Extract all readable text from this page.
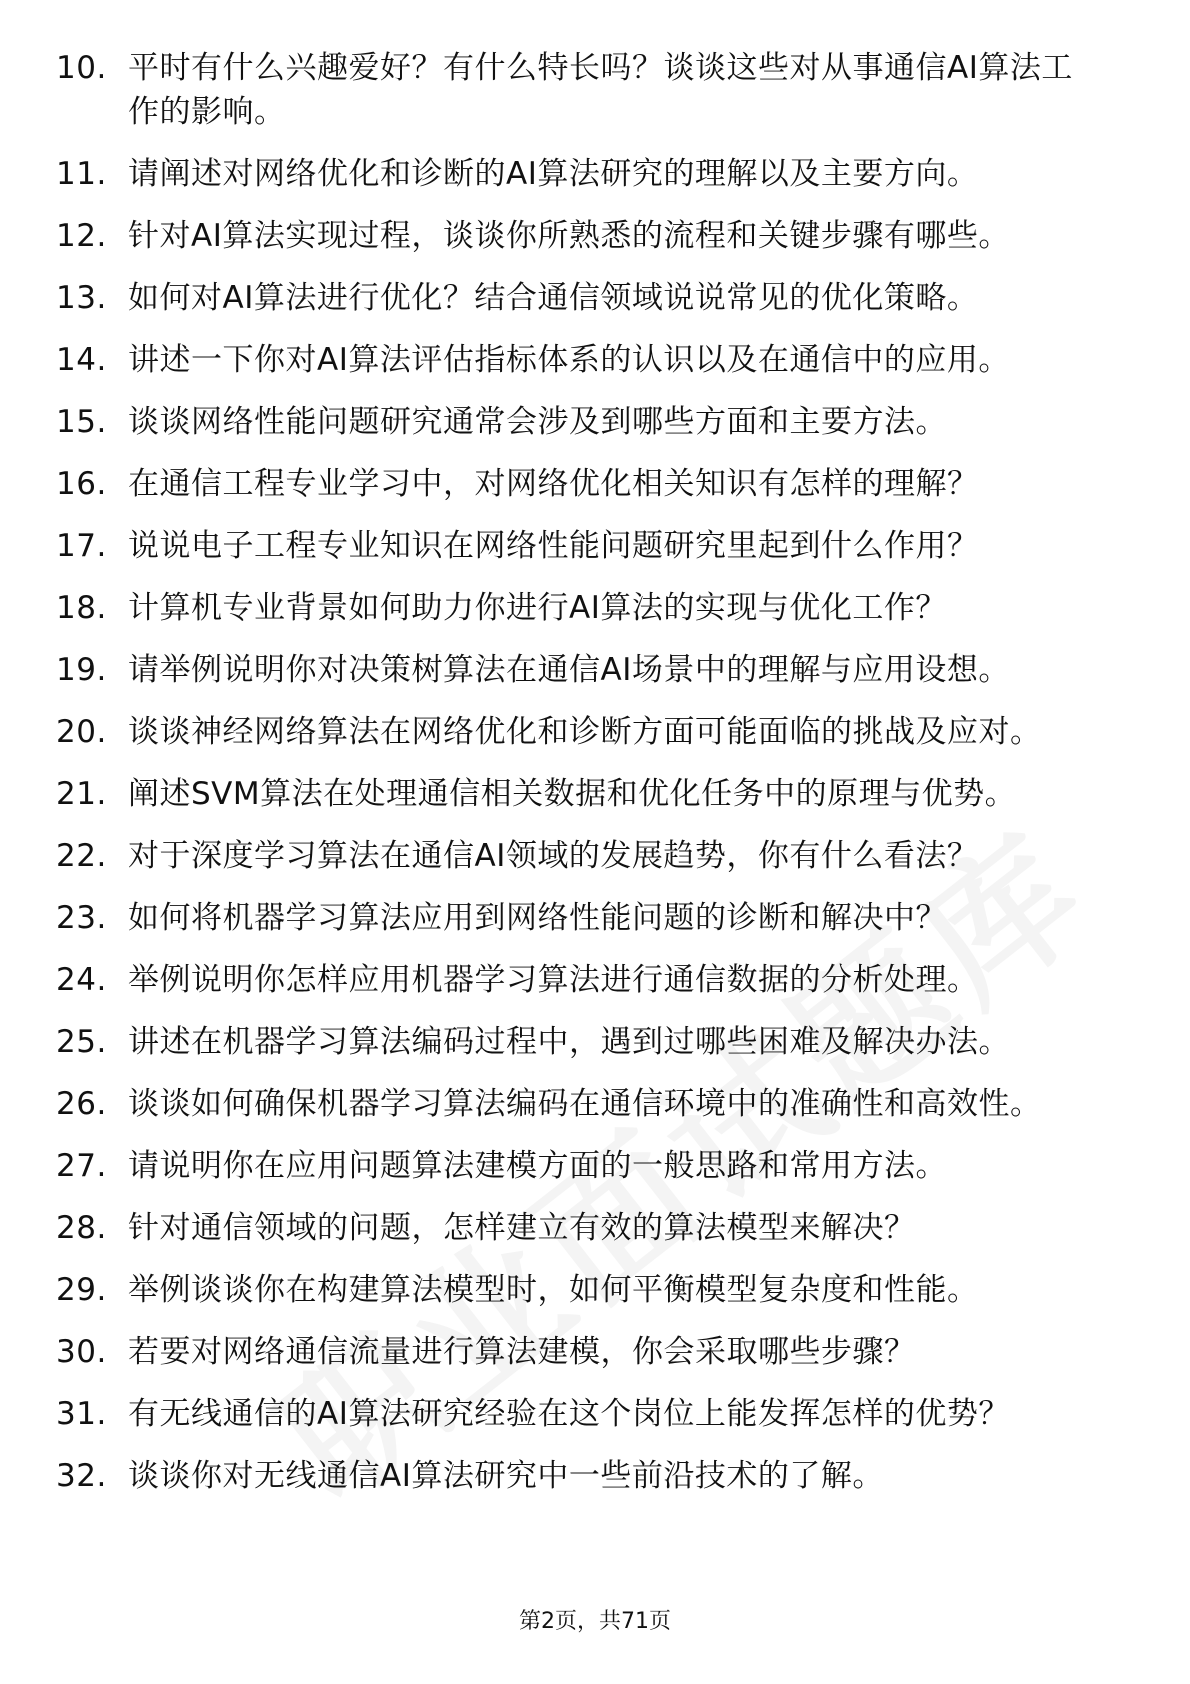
10. 平时有什么兴趣爱好？有什么特长吗？谈谈这些对从事通信AI算法工作的影响。
11. 请阐述对网络优化和诊断的AI算法研究的理解以及主要方向。
12. 针对AI算法实现过程，谈谈你所熟悉的流程和关键步骤有哪些。
13. 如何对AI算法进行优化？结合通信领域说说常见的优化策略。
14. 讲述一下你对AI算法评估指标体系的认识以及在通信中的应用。
15. 谈谈网络性能问题研究通常会涉及到哪些方面和主要方法。
16. 在通信工程专业学习中，对网络优化相关知识有怎样的理解？
17. 说说电子工程专业知识在网络性能问题研究里起到什么作用？
18. 计算机专业背景如何助力你进行AI算法的实现与优化工作？
19. 请举例说明你对决策树算法在通信AI场景中的理解与应用设想。
20. 谈谈神经网络算法在网络优化和诊断方面可能面临的挑战及应对。
21. 阐述SVM算法在处理通信相关数据和优化任务中的原理与优势。
22. 对于深度学习算法在通信AI领域的发展趋势，你有什么看法？
23. 如何将机器学习算法应用到网络性能问题的诊断和解决中？
24. 举例说明你怎样应用机器学习算法进行通信数据的分析处理。
25. 讲述在机器学习算法编码过程中，遇到过哪些困难及解决办法。
26. 谈谈如何确保机器学习算法编码在通信环境中的准确性和高效性。
27. 请说明你在应用问题算法建模方面的一般思路和常用方法。
28. 针对通信领域的问题，怎样建立有效的算法模型来解决？
29. 举例谈谈你在构建算法模型时，如何平衡模型复杂度和性能。
30. 若要对网络通信流量进行算法建模，你会采取哪些步骤？
31. 有无线通信的AI算法研究经验在这个岗位上能发挥怎样的优势？
32. 谈谈你对无线通信AI算法研究中一些前沿技术的了解。
第2页，共71页
